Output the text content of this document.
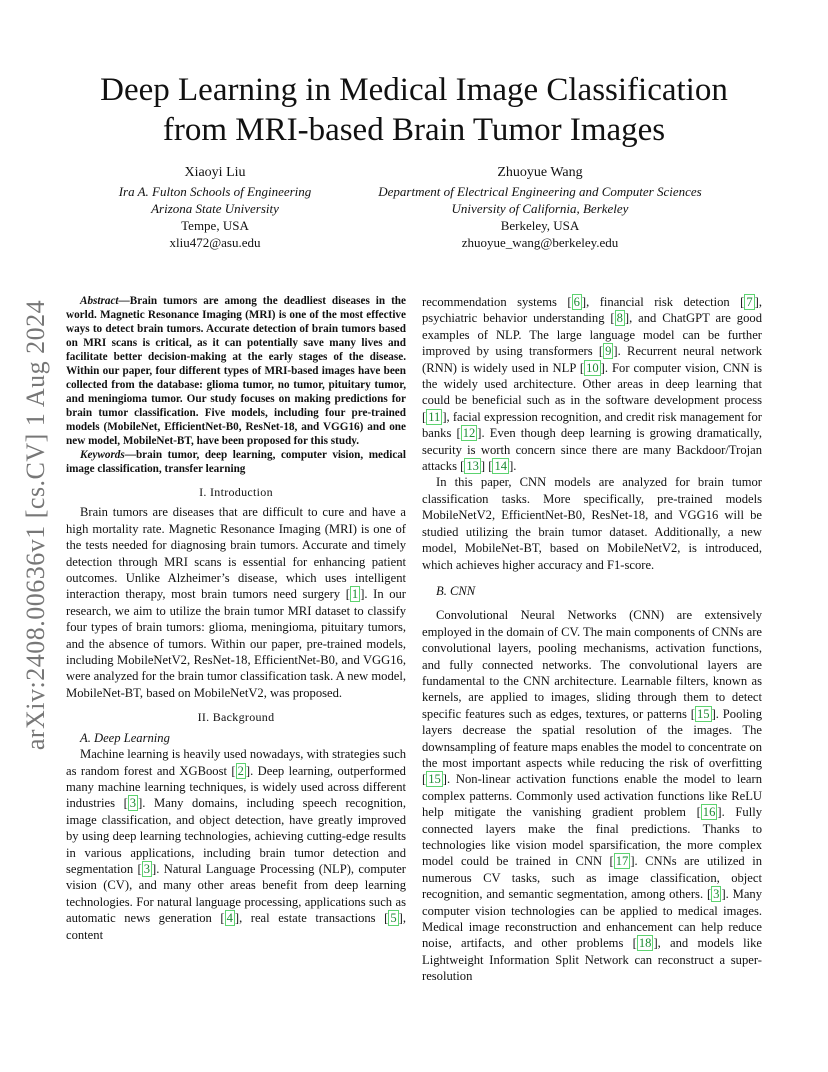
Deep Learning in Medical Image Classification
from MRI-based Brain Tumor Images
Xiaoyi Liu
Ira A. Fulton Schools of Engineering
Arizona State University
Tempe, USA
xliu472@asu.edu
Zhuoyue Wang
Department of Electrical Engineering and Computer Sciences
University of California, Berkeley
Berkeley, USA
zhuoyue_wang@berkeley.edu
arXiv:2408.00636v1 [cs.CV] 1 Aug 2024	Abstract—Brain tumors are among the deadliest diseases in the world. Magnetic Resonance Imaging (MRI) is one of the most effective ways to detect brain tumors. Accurate detection of brain tumors based on MRI scans is critical, as it can potentially save many lives and facilitate better decision-making at the early stages of the disease. Within our paper, four different types of MRI-based images have been collected from the database: glioma tumor, no tumor, pituitary tumor, and meningioma tumor. Our study focuses on making predictions for brain tumor classification. Five models, including four pre-trained models (MobileNet, EfficientNet-B0, ResNet-18, and VGG16) and one new model, MobileNet-BT, have been proposed for this study.

Keywords—brain tumor, deep learning, computer vision, medical image classification, transfer learning

I. Introduction

Brain tumors are diseases that are difficult to cure and have a high mortality rate. Magnetic Resonance Imaging (MRI) is one of the tests needed for diagnosing brain tumors. Accurate and timely detection through MRI scans is essential for enhancing patient outcomes. Unlike Alzheimer’s disease, which uses intelligent interaction therapy, most brain tumors need surgery [ 1 ]. In our research, we aim to utilize the brain tumor MRI dataset to classify four types of brain tumors: glioma, meningioma, pituitary tumors, and the absence of tumors. Within our paper, pre-trained models, including MobileNetV2, ResNet-18, EfficientNet-B0, and VGG16, were analyzed for the brain tumor classification task. A new model, MobileNet-BT, based on MobileNetV2, was proposed.

II. Background

A. Deep Learning

Machine learning is heavily used nowadays, with strategies such as random forest and XGBoost [ 2 ]. Deep learning, outperformed many machine learning techniques, is widely used across different industries [ 3 ]. Many domains, including speech recognition, image classification, and object detection, have greatly improved by using deep learning technologies, achieving cutting-edge results in various applications, including brain tumor detection and segmentation [ 3 ]. Natural Language Processing (NLP), computer vision (CV), and many other areas benefit from deep learning technologies. For natural language processing, applications such as automatic news generation [ 4 ], real estate transactions [ 5 ], content

recommendation systems [ 6 ], financial risk detection [ 7 ], psychiatric behavior understanding [ 8 ], and ChatGPT are good examples of NLP. The large language model can be further improved by using transformers [ 9 ]. Recurrent neural network (RNN) is widely used in NLP [ 10 ]. For computer vision, CNN is the widely used architecture. Other areas in deep learning that could be beneficial such as in the software development process [ 11 ], facial expression recognition, and credit risk management for banks [ 12 ]. Even though deep learning is growing dramatically, security is worth concern since there are many Backdoor/Trojan attacks [ 13 ] [ 14 ].

In this paper, CNN models are analyzed for brain tumor classification tasks. More specifically, pre-trained models MobileNetV2, EfficientNet-B0, ResNet-18, and VGG16 will be studied utilizing the brain tumor dataset. Additionally, a new model, MobileNet-BT, based on MobileNetV2, is introduced, which achieves higher accuracy and F1-score.

B. CNN

Convolutional Neural Networks (CNN) are extensively employed in the domain of CV. The main components of CNNs are convolutional layers, pooling mechanisms, activation functions, and fully connected networks. The convolutional layers are fundamental to the CNN architecture. Learnable filters, known as kernels, are applied to images, sliding through them to detect specific features such as edges, textures, or patterns [ 15 ]. Pooling layers decrease the spatial resolution of the images. The downsampling of feature maps enables the model to concentrate on the most important aspects while reducing the risk of overfitting [ 15 ]. Non-linear activation functions enable the model to learn complex patterns. Commonly used activation functions like ReLU help mitigate the vanishing gradient problem [ 16 ]. Fully connected layers make the final predictions. Thanks to technologies like vision model sparsification, the more complex model could be trained in CNN [ 17 ]. CNNs are utilized in numerous CV tasks, such as image classification, object recognition, and semantic segmentation, among others. [ 3 ]. Many computer vision technologies can be applied to medical images. Medical image reconstruction and enhancement can help reduce noise, artifacts, and other problems [ 18 ], and models like Lightweight Information Split Network can reconstruct a super-resolution
